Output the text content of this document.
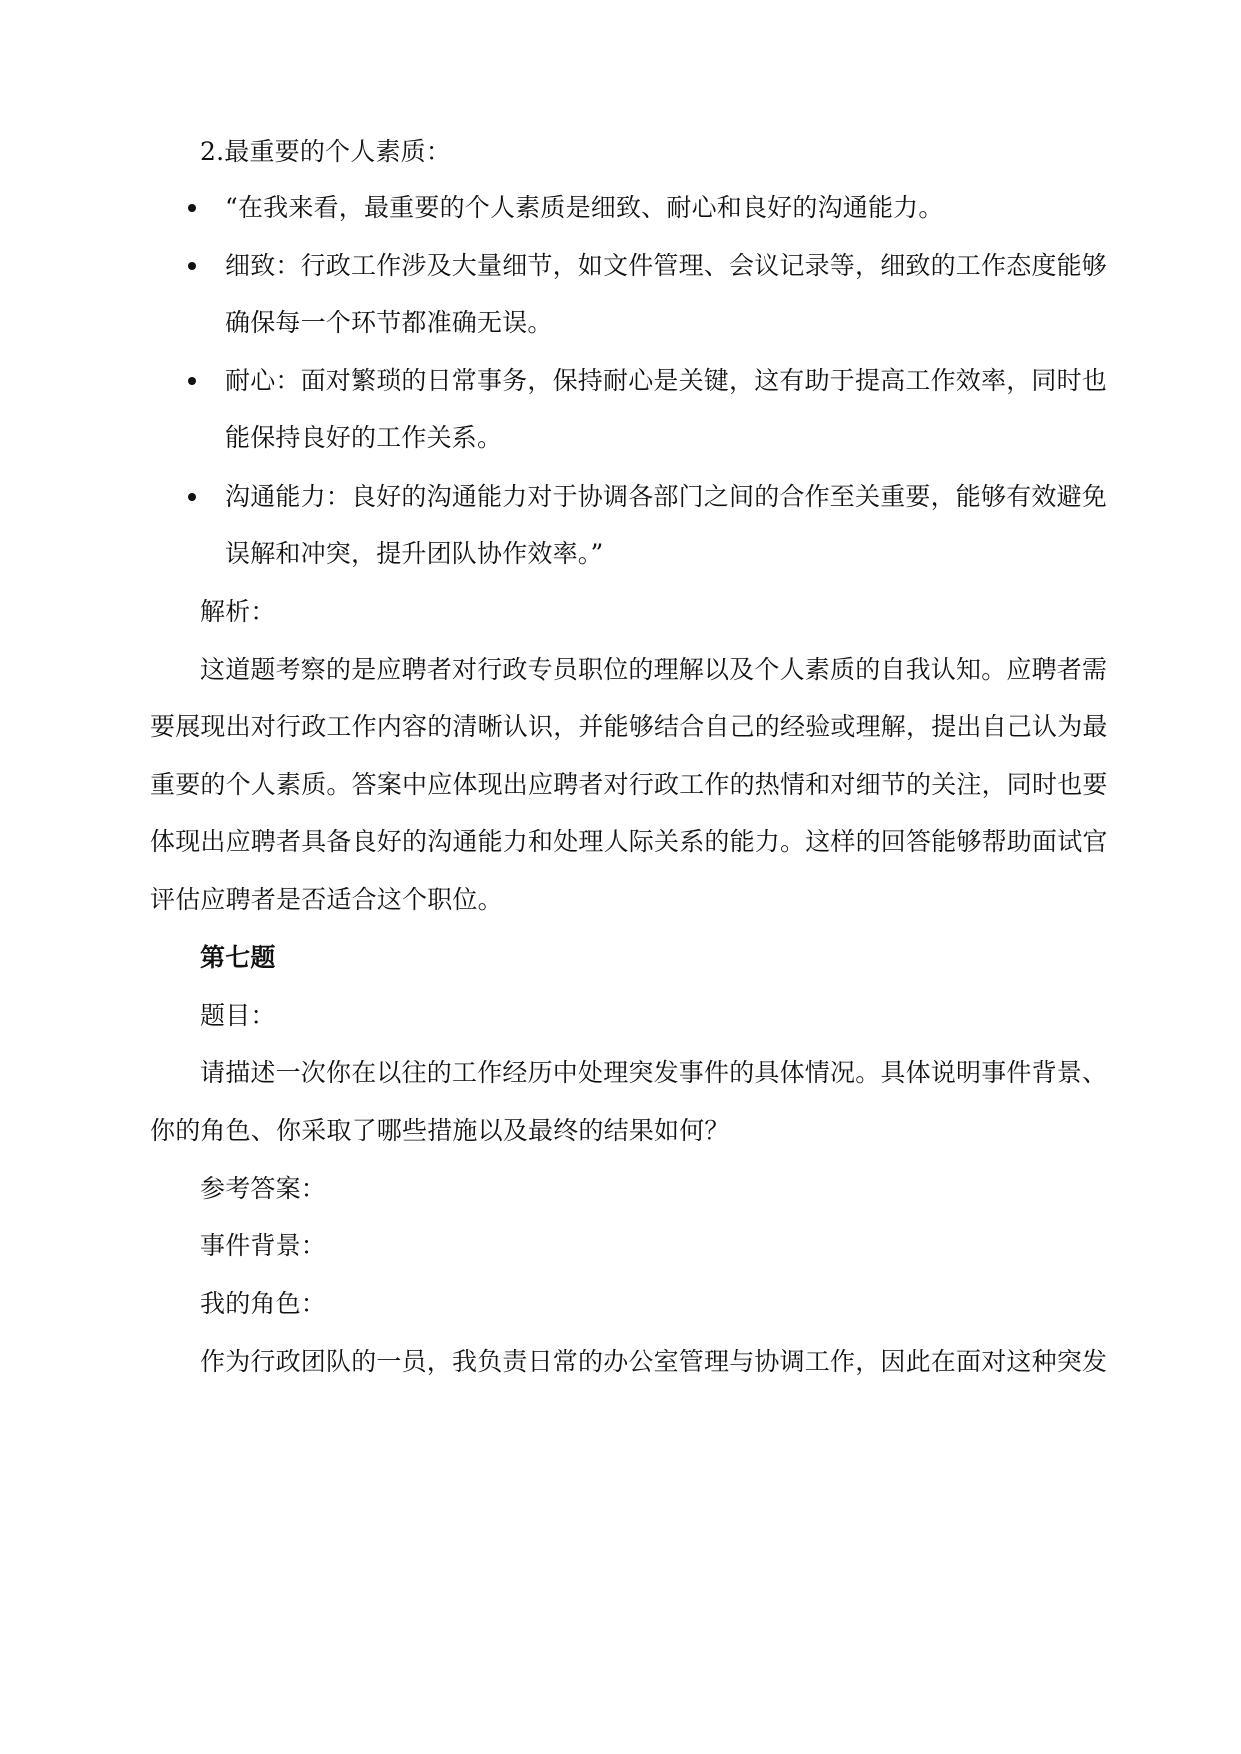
2.最重要的个人素质：
“在我来看，最重要的个人素质是细致、耐心和良好的沟通能力。
细致：行政工作涉及大量细节，如文件管理、会议记录等，细致的工作态度能够
确保每一个环节都准确无误。
耐心：面对繁琐的日常事务，保持耐心是关键，这有助于提高工作效率，同时也
能保持良好的工作关系。
沟通能力：良好的沟通能力对于协调各部门之间的合作至关重要，能够有效避免
误解和冲突，提升团队协作效率。”
解析：
这道题考察的是应聘者对行政专员职位的理解以及个人素质的自我认知。应聘者需
要展现出对行政工作内容的清晰认识，并能够结合自己的经验或理解，提出自己认为最
重要的个人素质。答案中应体现出应聘者对行政工作的热情和对细节的关注，同时也要
体现出应聘者具备良好的沟通能力和处理人际关系的能力。这样的回答能够帮助面试官
评估应聘者是否适合这个职位。
第七题
题目：
请描述一次你在以往的工作经历中处理突发事件的具体情况。具体说明事件背景、
你的角色、你采取了哪些措施以及最终的结果如何？
参考答案：
事件背景：
我的角色：
作为行政团队的一员，我负责日常的办公室管理与协调工作，因此在面对这种突发
